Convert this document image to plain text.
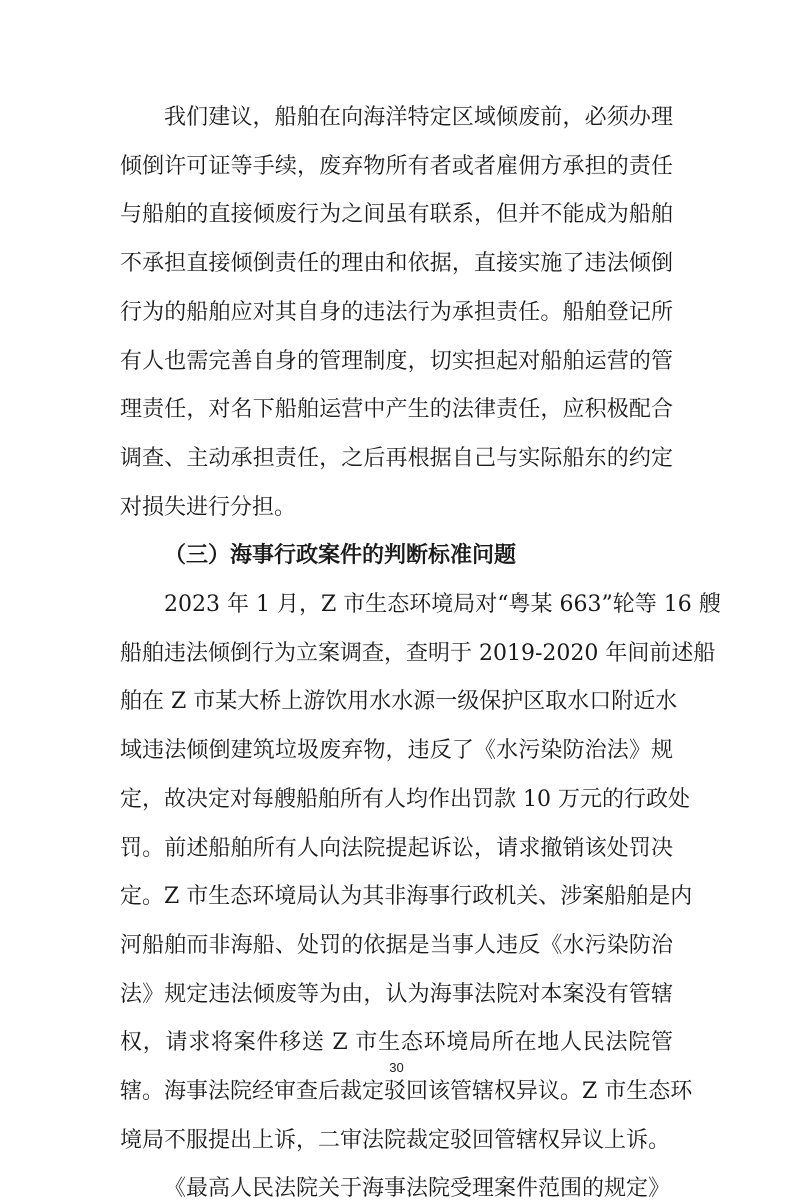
我们建议，船舶在向海洋特定区域倾废前，必须办理
倾倒许可证等手续，废弃物所有者或者雇佣方承担的责任
与船舶的直接倾废行为之间虽有联系，但并不能成为船舶
不承担直接倾倒责任的理由和依据，直接实施了违法倾倒
行为的船舶应对其自身的违法行为承担责任。船舶登记所
有人也需完善自身的管理制度，切实担起对船舶运营的管
理责任，对名下船舶运营中产生的法律责任，应积极配合
调查、主动承担责任，之后再根据自己与实际船东的约定
对损失进行分担。
（三）海事行政案件的判断标准问题
2023 年 1 月，Z 市生态环境局对“粤某 663”轮等 16 艘
船舶违法倾倒行为立案调查，查明于 2019-2020 年间前述船
舶在 Z 市某大桥上游饮用水水源一级保护区取水口附近水
域违法倾倒建筑垃圾废弃物，违反了《水污染防治法》规
定，故决定对每艘船舶所有人均作出罚款 10 万元的行政处
罚。前述船舶所有人向法院提起诉讼，请求撤销该处罚决
定。Z 市生态环境局认为其非海事行政机关、涉案船舶是内
河船舶而非海船、处罚的依据是当事人违反《水污染防治
法》规定违法倾废等为由，认为海事法院对本案没有管辖
权，请求将案件移送 Z 市生态环境局所在地人民法院管
辖。海事法院经审查后裁定驳回该管辖权异议。Z 市生态环
境局不服提出上诉，二审法院裁定驳回管辖权异议上诉。
《最高人民法院关于海事法院受理案件范围的规定》
30
